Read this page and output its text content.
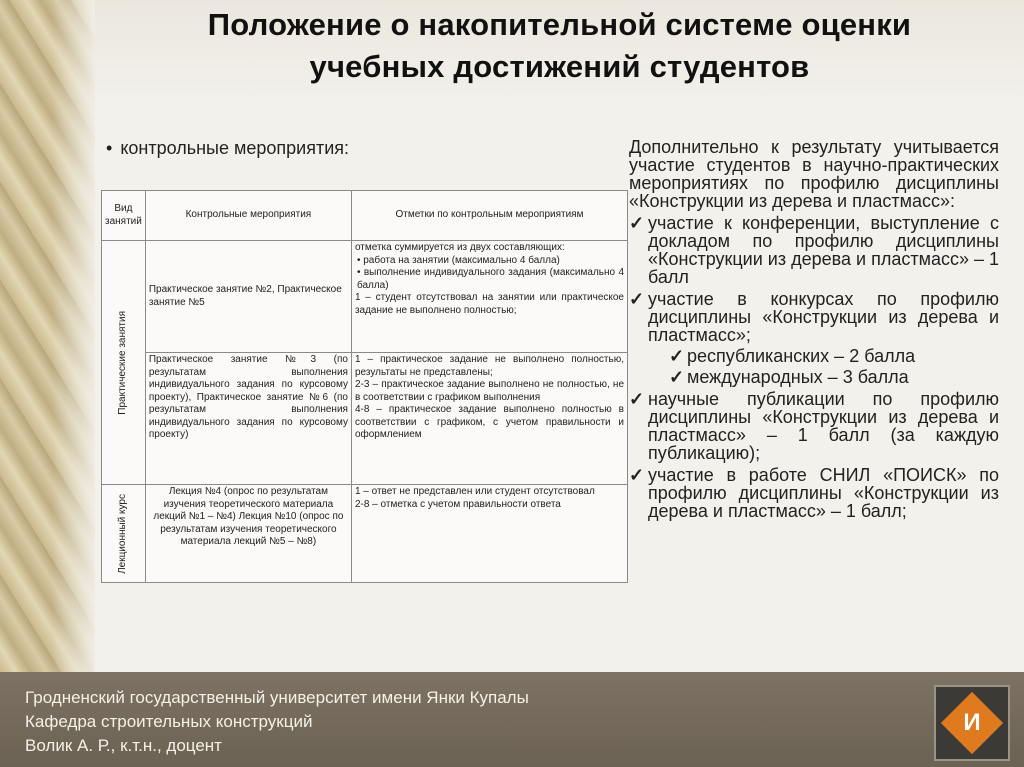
Положение о накопительной системе оценки
учебных достижений студентов
• контрольные мероприятия:
Вид занятий	Контрольные мероприятия	Отметки по контрольным мероприятиям

Практические занятия	Практическое занятие №2, Практическое занятие №5	отметка суммируется из двух составляющих:
• работа на занятии (максимально 4 балла)
• выполнение индивидуального задания (максимально 4 балла)
1 – студент отсутствовал на занятии или практическое задание не выполнено полностью;

	Практическое занятие №3 (по результатам выполнения индивидуального задания по курсовому проекту), Практическое занятие №6 (по результатам выполнения индивидуального задания по курсовому проекту)	1 – практическое задание не выполнено полностью, результаты не представлены;
2-3 – практическое задание выполнено не полностью, не в соответствии с графиком выполнения
4-8 – практическое задание выполнено полностью в соответствии с графиком, с учетом правильности и оформлением

Лекционный курс	Лекция №4 (опрос по результатам изучения теоретического материала лекций №1 – №4) Лекция №10 (опрос по результатам изучения теоретического материала лекций №5 – №8)	1 – ответ не представлен или студент отсутствовал
2-8 – отметка с учетом правильности ответа

Дополнительно к результату учитывается участие студентов в научно-практических мероприятиях по профилю дисциплины «Конструкции из дерева и пластмасс»:

✓ участие к конференции, выступление с докладом по профилю дисциплины «Конструкции из дерева и пластмасс» – 1 балл
✓ участие в конкурсах по профилю дисциплины «Конструкции из дерева и пластмасс»;
✓ республиканских – 2 балла
✓ международных – 3 балла
✓ научные публикации по профилю дисциплины «Конструкции из дерева и пластмасс» – 1 балл (за каждую публикацию);
✓ участие в работе СНИЛ «ПОИСК» по профилю дисциплины «Конструкции из дерева и пластмасс» – 1 балл;
Гродненский государственный университет имени Янки Купалы
Кафедра строительных конструкций
Волик А. Р., к.т.н., доцент
И
